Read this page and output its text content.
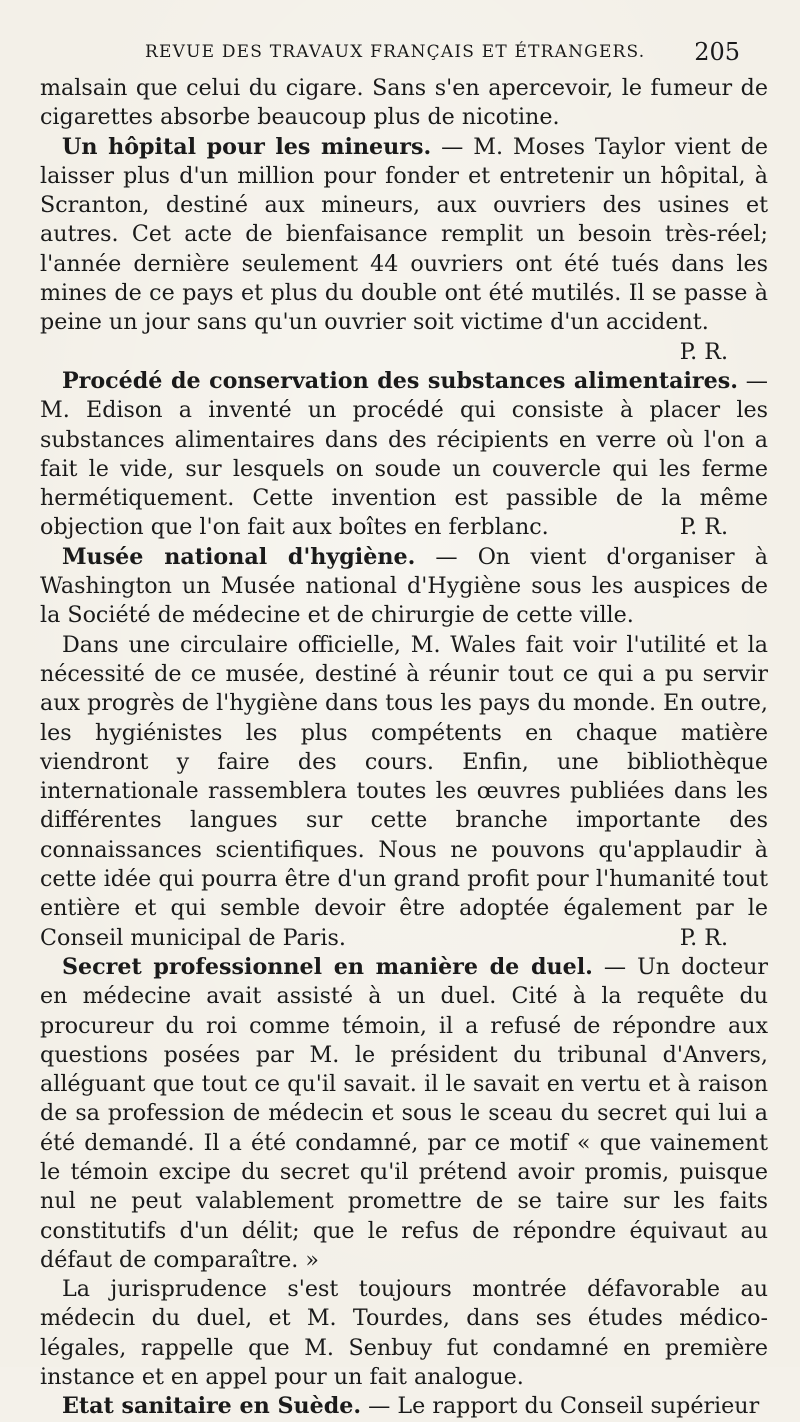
REVUE DES TRAVAUX FRANÇAIS ET ÉTRANGERS. 205

malsain que celui du cigare. Sans s'en apercevoir, le fumeur de cigarettes absorbe beaucoup plus de nicotine.

Un hôpital pour les mineurs. — M. Moses Taylor vient de laisser plus d'un million pour fonder et entretenir un hôpital, à Scranton, destiné aux mineurs, aux ouvriers des usines et autres. Cet acte de bienfaisance remplit un besoin très-réel; l'année dernière seulement 44 ouvriers ont été tués dans les mines de ce pays et plus du double ont été mutilés. Il se passe à peine un jour sans qu'un ouvrier soit victime d'un accident.
P. R.

Procédé de conservation des substances alimentaires. — M. Edison a inventé un procédé qui consiste à placer les substances alimentaires dans des récipients en verre où l'on a fait le vide, sur lesquels on soude un couvercle qui les ferme hermétiquement. Cette invention est passible de la même objection que l'on fait aux boîtes en ferblanc.	P. R.

Musée national d'hygiène. — On vient d'organiser à Washington un Musée national d'Hygiène sous les auspices de la Société de médecine et de chirurgie de cette ville.

Dans une circulaire officielle, M. Wales fait voir l'utilité et la nécessité de ce musée, destiné à réunir tout ce qui a pu servir aux progrès de l'hygiène dans tous les pays du monde. En outre, les hygiénistes les plus compétents en chaque matière viendront y faire des cours. Enfin, une bibliothèque internationale rassemblera toutes les œuvres publiées dans les différentes langues sur cette branche importante des connaissances scientifiques. Nous ne pouvons qu'applaudir à cette idée qui pourra être d'un grand profit pour l'humanité tout entière et qui semble devoir être adoptée également par le Conseil municipal de Paris.	P. R.

Secret professionnel en manière de duel. — Un docteur en médecine avait assisté à un duel. Cité à la requête du procureur du roi comme témoin, il a refusé de répondre aux questions posées par M. le président du tribunal d'Anvers, alléguant que tout ce qu'il savait. il le savait en vertu et à raison de sa profession de médecin et sous le sceau du secret qui lui a été demandé. Il a été condamné, par ce motif « que vainement le témoin excipe du secret qu'il prétend avoir promis, puisque nul ne peut valablement promettre de se taire sur les faits constitutifs d'un délit; que le refus de répondre équivaut au défaut de comparaître. »

La jurisprudence s'est toujours montrée défavorable au médecin du duel, et M. Tourdes, dans ses études médico-légales, rappelle que M. Senbuy fut condamné en première instance et en appel pour un fait analogue.

Etat sanitaire en Suède. — Le rapport du Conseil supérieur
